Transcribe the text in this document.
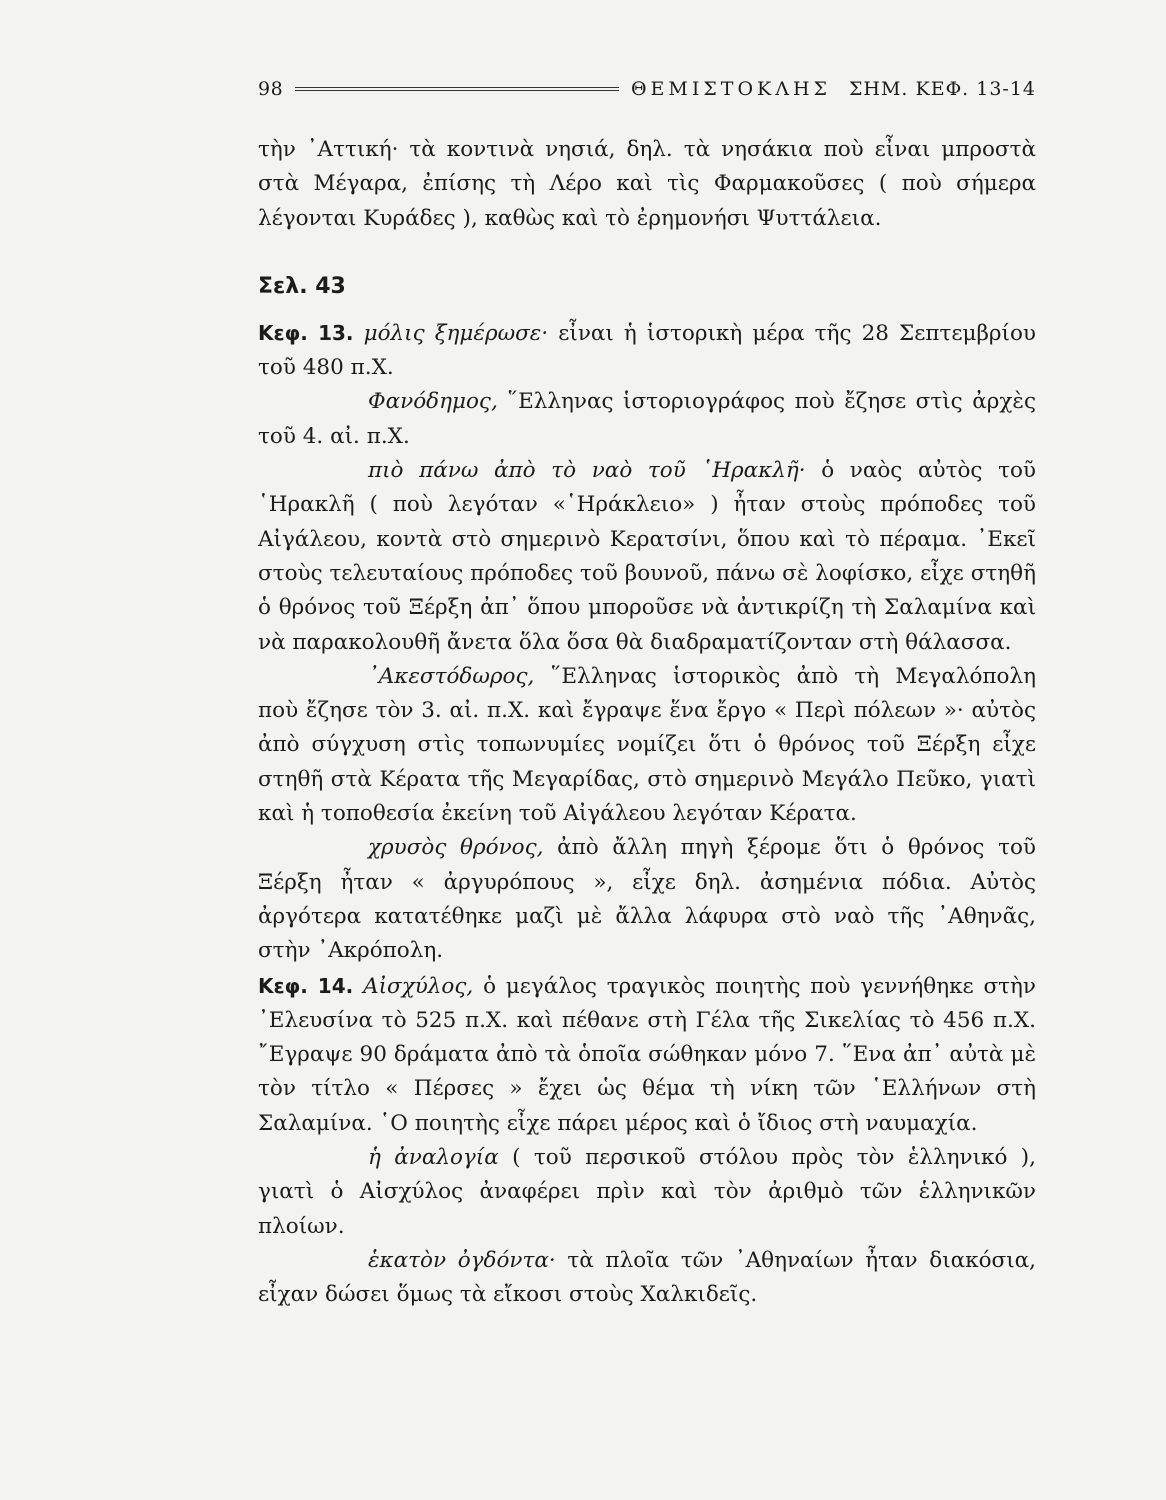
98	ΘΕΜΙΣΤΟΚΛΗΣ ΣΗΜ. ΚΕΦ. 13-14

τὴν ᾿Αττική· τὰ κοντινὰ νησιά, δηλ. τὰ νησάκια ποὺ εἶναι μπροστὰ στὰ Μέγαρα, ἐπίσης τὴ Λέρο καὶ τὶς Φαρμακοῦσες ( ποὺ σήμερα λέγονται Κυράδες ), καθὼς καὶ τὸ ἐρημονήσι Ψυττάλεια.

Σελ. 43

Κεφ. 13. μόλις ξημέρωσε· εἶναι ἡ ἱστορικὴ μέρα τῆς 28 Σεπτεμβρίου τοῦ 480 π.Χ.

Φανόδημος, ῞Ελληνας ἱστοριογράφος ποὺ ἔζησε στὶς ἀρχὲς τοῦ 4. αἰ. π.Χ.

πιὸ πάνω ἀπὸ τὸ ναὸ τοῦ ῾Ηρακλῆ· ὁ ναὸς αὐτὸς τοῦ ῾Ηρακλῆ ( ποὺ λεγόταν «῾Ηράκλειο» ) ἦταν στοὺς πρόποδες τοῦ Αἰγάλεου, κοντὰ στὸ σημερινὸ Κερατσίνι, ὅπου καὶ τὸ πέραμα. ᾿Εκεῖ στοὺς τελευταίους πρόποδες τοῦ βουνοῦ, πάνω σὲ λοφίσκο, εἶχε στηθῆ ὁ θρόνος τοῦ Ξέρξη ἀπ᾿ ὅπου μποροῦσε νὰ ἀντικρίζη τὴ Σαλαμίνα καὶ νὰ παρακολουθῆ ἄνετα ὅλα ὅσα θὰ διαδραματίζονταν στὴ θάλασσα.

᾿Ακεστόδωρος, ῞Ελληνας ἱστορικὸς ἀπὸ τὴ Μεγαλόπολη ποὺ ἔζησε τὸν 3. αἰ. π.Χ. καὶ ἔγραψε ἕνα ἔργο « Περὶ πόλεων »· αὐτὸς ἀπὸ σύγχυση στὶς τοπωνυμίες νομίζει ὅτι ὁ θρόνος τοῦ Ξέρξη εἶχε στηθῆ στὰ Κέρατα τῆς Μεγαρίδας, στὸ σημερινὸ Μεγάλο Πεῦκο, γιατὶ καὶ ἡ τοποθεσία ἐκείνη τοῦ Αἰγάλεου λεγόταν Κέρατα.

χρυσὸς θρόνος, ἀπὸ ἄλλη πηγὴ ξέρομε ὅτι ὁ θρόνος τοῦ Ξέρξη ἦταν « ἀργυρόπους », εἶχε δηλ. ἀσημένια πόδια. Αὐτὸς ἀργότερα κατατέθηκε μαζὶ μὲ ἄλλα λάφυρα στὸ ναὸ τῆς ᾿Αθηνᾶς, στὴν ᾿Ακρόπολη.

Κεφ. 14. Αἰσχύλος, ὁ μεγάλος τραγικὸς ποιητὴς ποὺ γεννήθηκε στὴν ᾿Ελευσίνα τὸ 525 π.Χ. καὶ πέθανε στὴ Γέλα τῆς Σικελίας τὸ 456 π.Χ. ῎Εγραψε 90 δράματα ἀπὸ τὰ ὁποῖα σώθηκαν μόνο 7. ῞Ενα ἀπ᾿ αὐτὰ μὲ τὸν τίτλο « Πέρσες » ἔχει ὡς θέμα τὴ νίκη τῶν ῾Ελλήνων στὴ Σαλαμίνα. ῾Ο ποιητὴς εἶχε πάρει μέρος καὶ ὁ ἴδιος στὴ ναυμαχία.

ἡ ἀναλογία ( τοῦ περσικοῦ στόλου πρὸς τὸν ἑλληνικό ), γιατὶ ὁ Αἰσχύλος ἀναφέρει πρὶν καὶ τὸν ἀριθμὸ τῶν ἑλληνικῶν πλοίων.

ἑκατὸν ὀγδόντα· τὰ πλοῖα τῶν ᾿Αθηναίων ἦταν διακόσια, εἶχαν δώσει ὅμως τὰ εἴκοσι στοὺς Χαλκιδεῖς.
